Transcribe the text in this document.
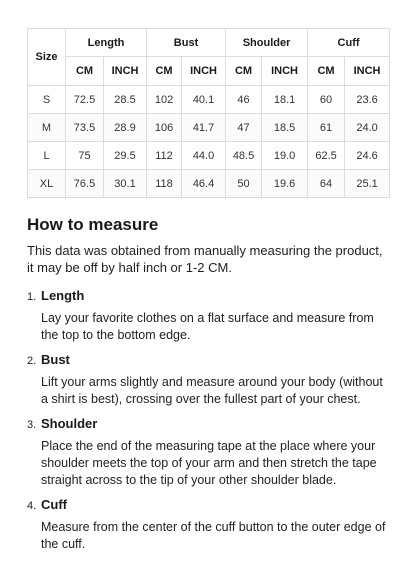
Size	Length		Bust		Shoulder		Cuff	
	CM	INCH	CM	INCH	CM	INCH	CM	INCH
S	72.5	28.5	102	40.1	46	18.1	60	23.6
M	73.5	28.9	106	41.7	47	18.5	61	24.0
L	75	29.5	112	44.0	48.5	19.0	62.5	24.6
XL	76.5	30.1	118	46.4	50	19.6	64	25.1
How to measure

This data was obtained from manually measuring the product, it may be off by half inch or 1-2 CM.

1. Length

Lay your favorite clothes on a flat surface and measure from the top to the bottom edge.

2. Bust

Lift your arms slightly and measure around your body (without a shirt is best), crossing over the fullest part of your chest.

3. Shoulder

Place the end of the measuring tape at the place where your shoulder meets the top of your arm and then stretch the tape straight across to the tip of your other shoulder blade.

4. Cuff

Measure from the center of the cuff button to the outer edge of the cuff.
